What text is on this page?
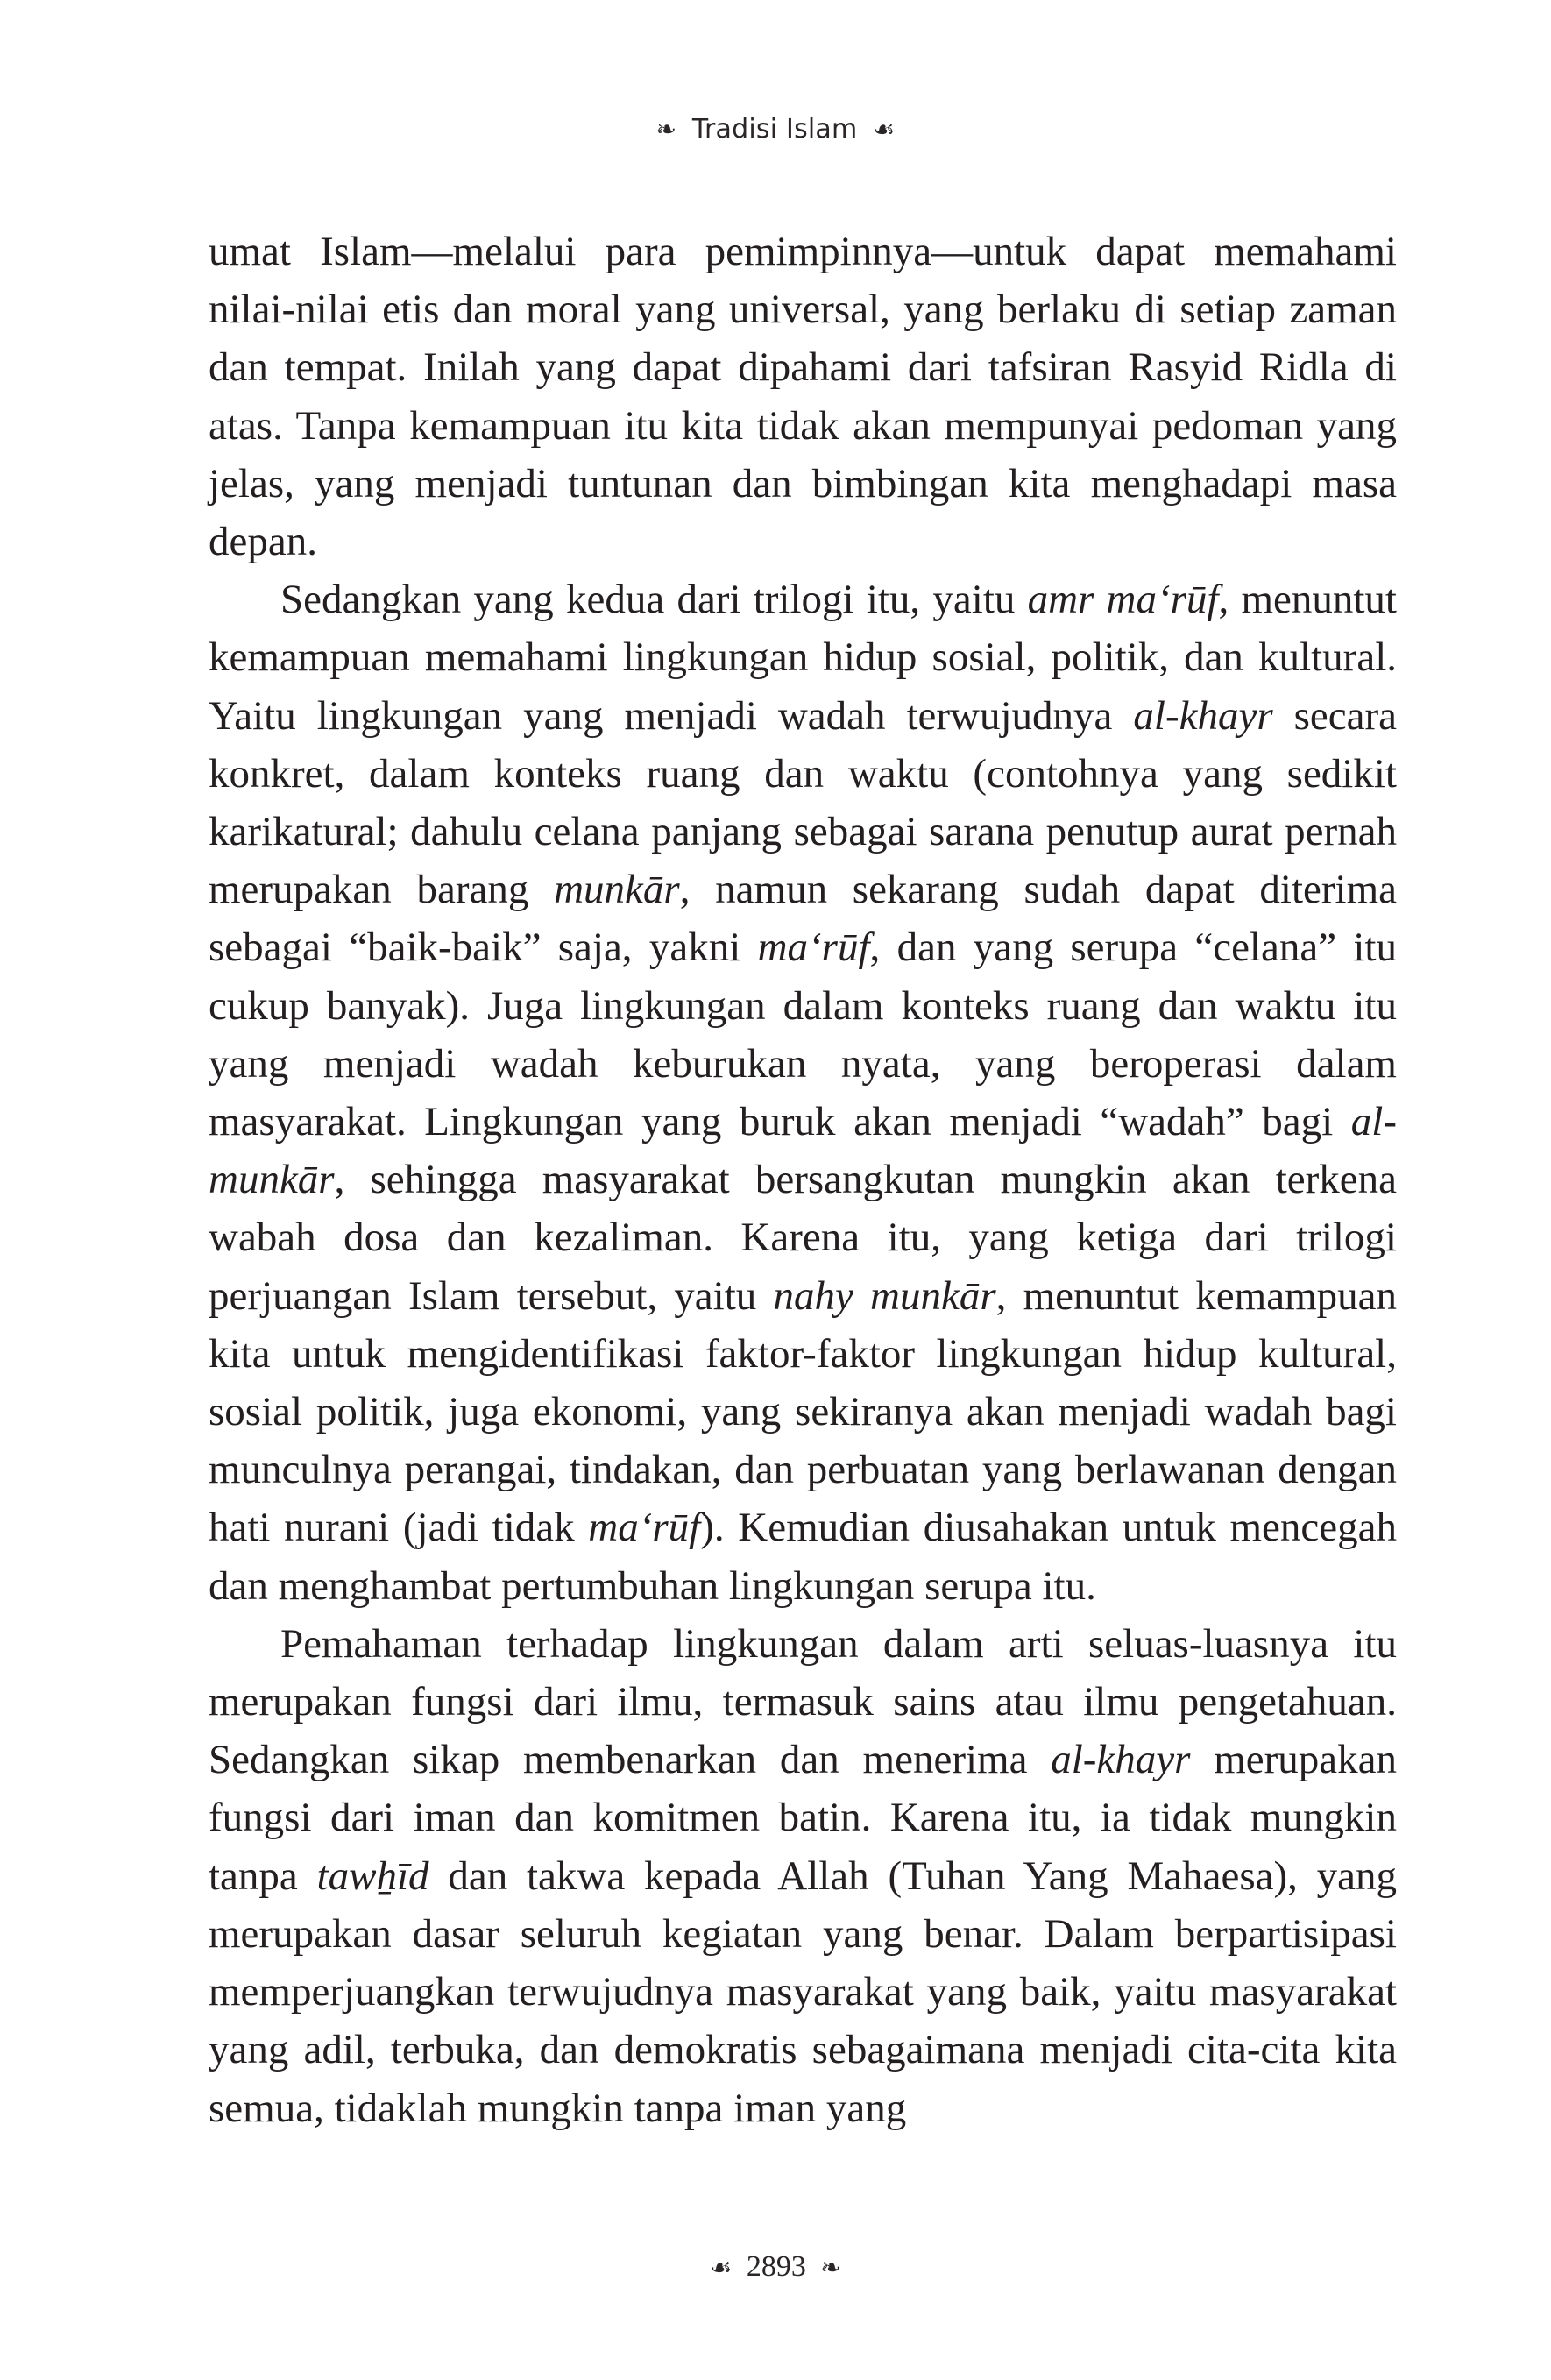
❧ Tradisi Islam ☙

umat Islam—melalui para pemimpinnya—untuk dapat memahami nilai-nilai etis dan moral yang universal, yang berlaku di setiap zaman dan tempat. Inilah yang dapat dipahami dari tafsiran Rasyid Ridla di atas. Tanpa kemampuan itu kita tidak akan mempunyai pedoman yang jelas, yang menjadi tuntunan dan bimbingan kita menghadapi masa depan.

Sedangkan yang kedua dari trilogi itu, yaitu amr ma‘rūf, menuntut kemampuan memahami lingkungan hidup sosial, politik, dan kultural. Yaitu lingkungan yang menjadi wadah terwujudnya al-khayr secara konkret, dalam konteks ruang dan waktu (contohnya yang sedikit karikatural; dahulu celana panjang sebagai sarana penutup aurat pernah merupakan barang munkār, namun sekarang sudah dapat diterima sebagai “baik-baik” saja, yakni ma‘rūf, dan yang serupa “celana” itu cukup banyak). Juga lingkungan dalam konteks ruang dan waktu itu yang menjadi wadah keburukan nyata, yang beroperasi dalam masyarakat. Lingkungan yang buruk akan menjadi “wadah” bagi al-munkār, sehingga masyarakat bersangkutan mungkin akan terkena wabah dosa dan kezaliman. Karena itu, yang ketiga dari trilogi perjuangan Islam tersebut, yaitu nahy munkār, menuntut kemampuan kita untuk mengidentifikasi faktor-faktor lingkungan hidup kultural, sosial politik, juga ekonomi, yang sekiranya akan menjadi wadah bagi munculnya perangai, tindakan, dan perbuatan yang berlawanan dengan hati nurani (jadi tidak ma‘rūf). Kemudian diusahakan untuk mencegah dan menghambat pertumbuhan lingkungan serupa itu.

Pemahaman terhadap lingkungan dalam arti seluas-luasnya itu merupakan fungsi dari ilmu, termasuk sains atau ilmu pengetahuan. Sedangkan sikap membenarkan dan menerima al-khayr merupakan fungsi dari iman dan komitmen batin. Karena itu, ia tidak mungkin tanpa tawẖīd dan takwa kepada Allah (Tuhan Yang Mahaesa), yang merupakan dasar seluruh kegiatan yang benar. Dalam berpartisipasi memperjuangkan terwujudnya masyarakat yang baik, yaitu masyarakat yang adil, terbuka, dan demokratis sebagaimana menjadi cita-cita kita semua, tidaklah mungkin tanpa iman yang

☙ 2893 ❧
